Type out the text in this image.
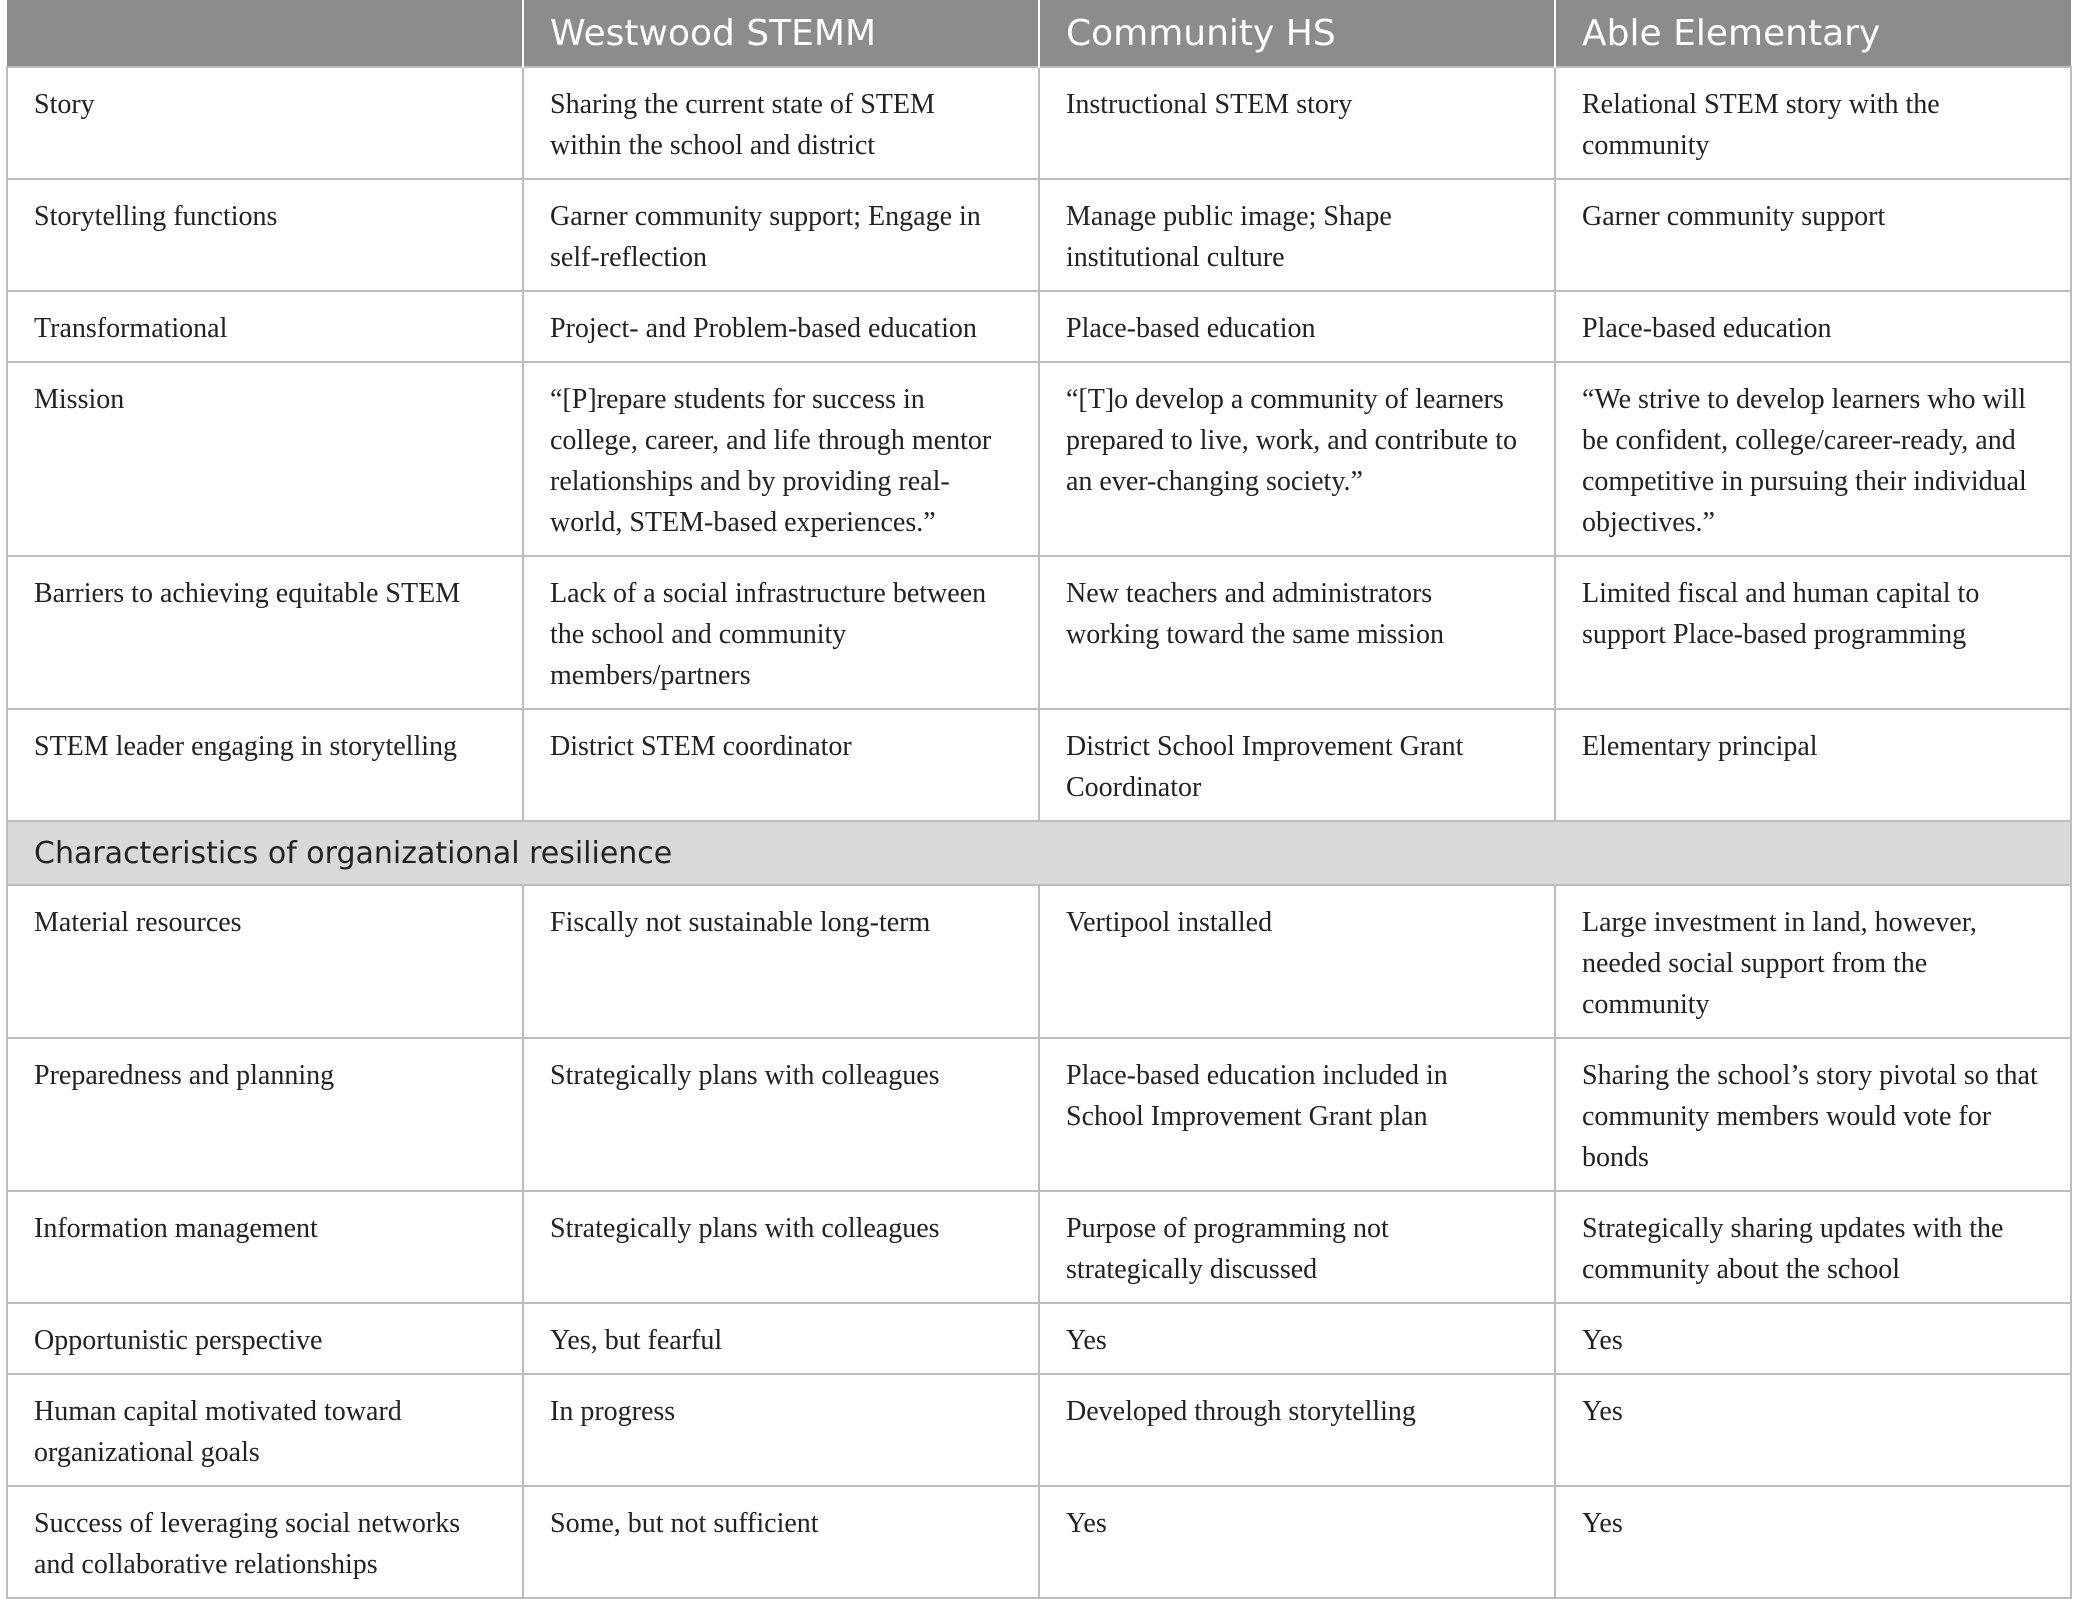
	Westwood STEMM	Community HS	Able Elementary
Story	Sharing the current state of STEM within the school and district	Instructional STEM story	Relational STEM story with the community
Storytelling functions	Garner community support; Engage in self-reflection	Manage public image; Shape institutional culture	Garner community support
Transformational	Project- and Problem-based education	Place-based education	Place-based education
Mission	“[P]repare students for success in college, career, and life through mentor relationships and by providing real-world, STEM-based experiences.”	“[T]o develop a community of learners prepared to live, work, and contribute to an ever-changing society.”	“We strive to develop learners who will be confident, college/career-ready, and competitive in pursuing their individual objectives.”
Barriers to achieving equitable STEM	Lack of a social infrastructure between the school and community members/partners	New teachers and administrators working toward the same mission	Limited fiscal and human capital to support Place-based programming
STEM leader engaging in storytelling	District STEM coordinator	District School Improvement Grant Coordinator	Elementary principal
Characteristics of organizational resilience			
Material resources	Fiscally not sustainable long-term	Vertipool installed	Large investment in land, however, needed social support from the community
Preparedness and planning	Strategically plans with colleagues	Place-based education included in School Improvement Grant plan	Sharing the school’s story pivotal so that community members would vote for bonds
Information management	Strategically plans with colleagues	Purpose of programming not strategically discussed	Strategically sharing updates with the community about the school
Opportunistic perspective	Yes, but fearful	Yes	Yes
Human capital motivated toward organizational goals	In progress	Developed through storytelling	Yes
Success of leveraging social networks and collaborative relationships	Some, but not sufficient	Yes	Yes
